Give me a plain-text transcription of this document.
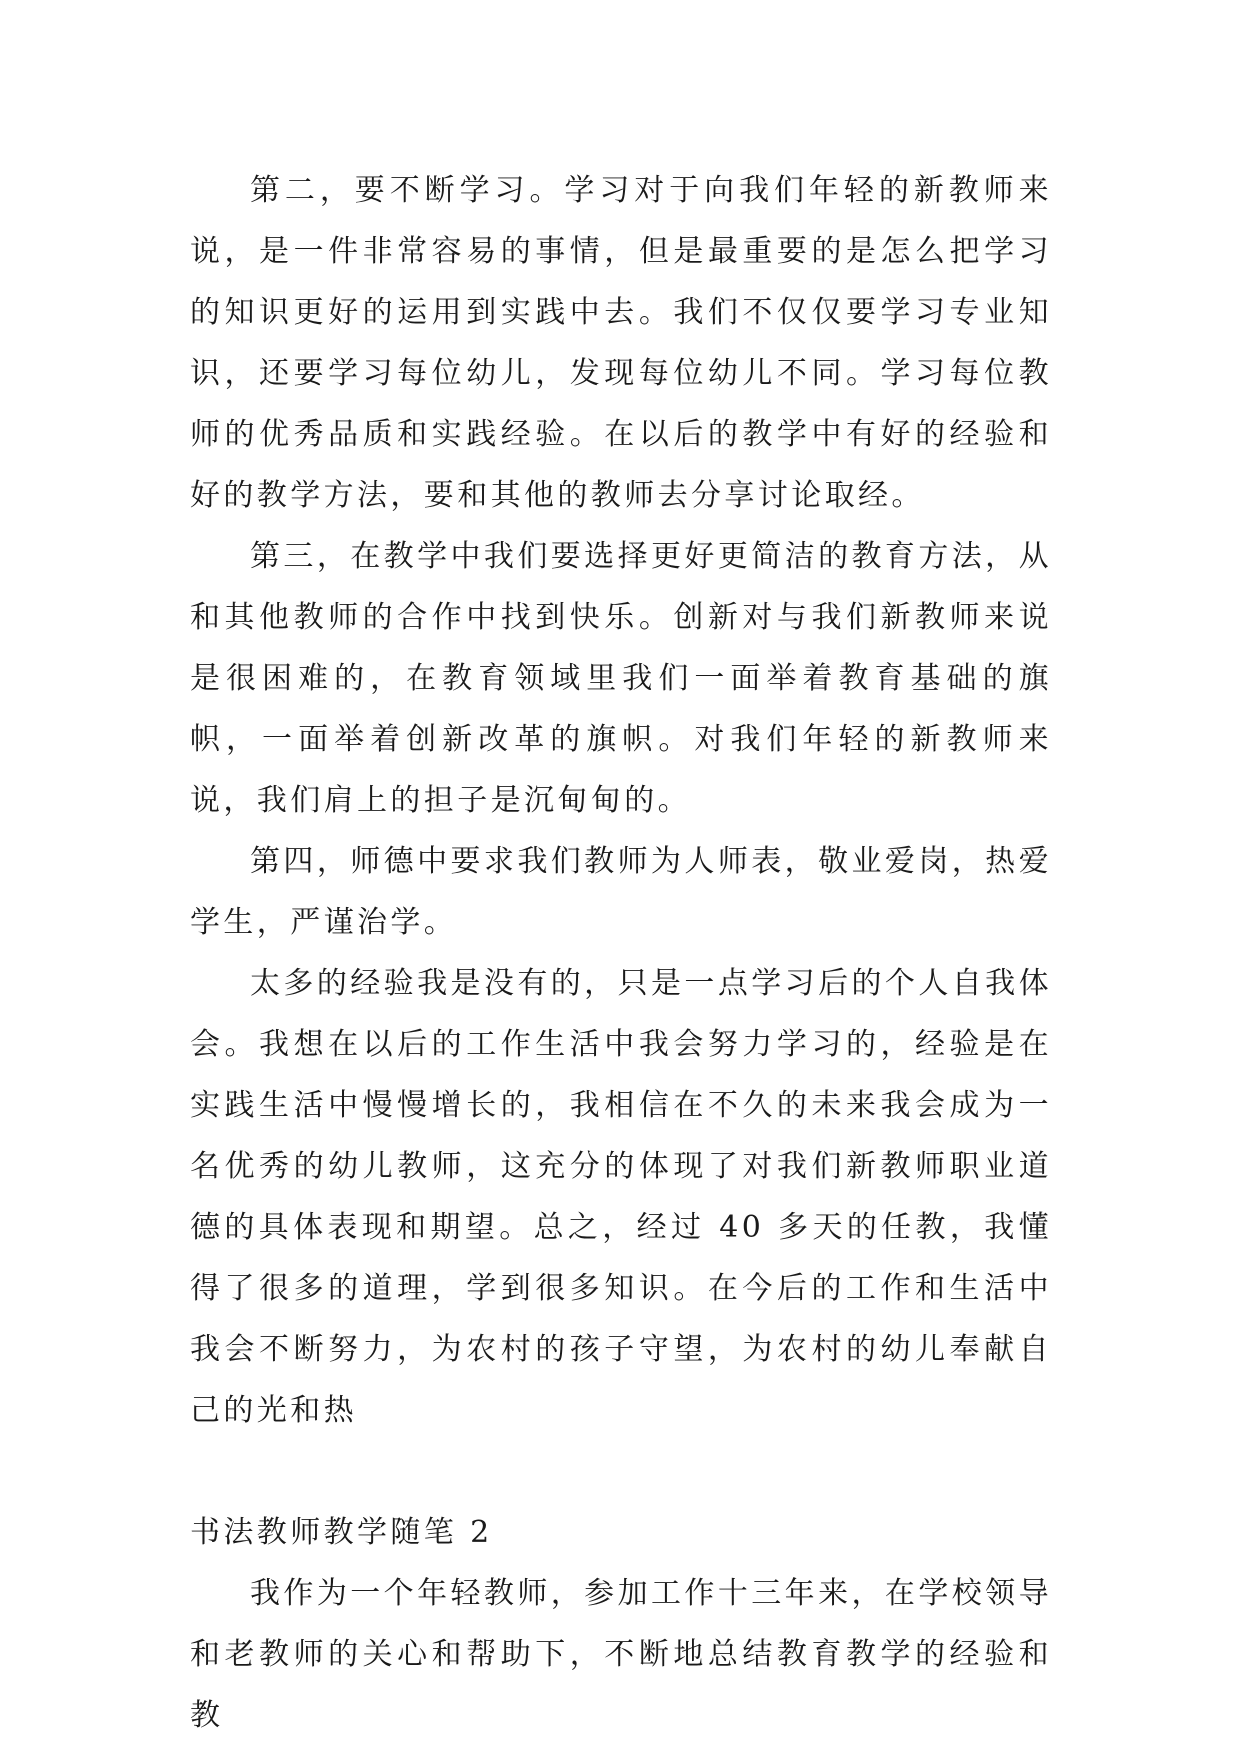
第二，要不断学习。学习对于向我们年轻的新教师来说，是一件非常容易的事情，但是最重要的是怎么把学习的知识更好的运用到实践中去。我们不仅仅要学习专业知识，还要学习每位幼儿，发现每位幼儿不同。学习每位教师的优秀品质和实践经验。在以后的教学中有好的经验和好的教学方法，要和其他的教师去分享讨论取经。

第三，在教学中我们要选择更好更简洁的教育方法，从和其他教师的合作中找到快乐。创新对与我们新教师来说是很困难的，在教育领域里我们一面举着教育基础的旗帜，一面举着创新改革的旗帜。对我们年轻的新教师来说，我们肩上的担子是沉甸甸的。

第四，师德中要求我们教师为人师表，敬业爱岗，热爱学生，严谨治学。

太多的经验我是没有的，只是一点学习后的个人自我体会。我想在以后的工作生活中我会努力学习的，经验是在实践生活中慢慢增长的，我相信在不久的未来我会成为一名优秀的幼儿教师，这充分的体现了对我们新教师职业道德的具体表现和期望。总之，经过 40 多天的任教，我懂得了很多的道理，学到很多知识。在今后的工作和生活中我会不断努力，为农村的孩子守望，为农村的幼儿奉献自己的光和热

书法教师教学随笔 2

我作为一个年轻教师，参加工作十三年来，在学校领导和老教师的关心和帮助下，不断地总结教育教学的经验和教
